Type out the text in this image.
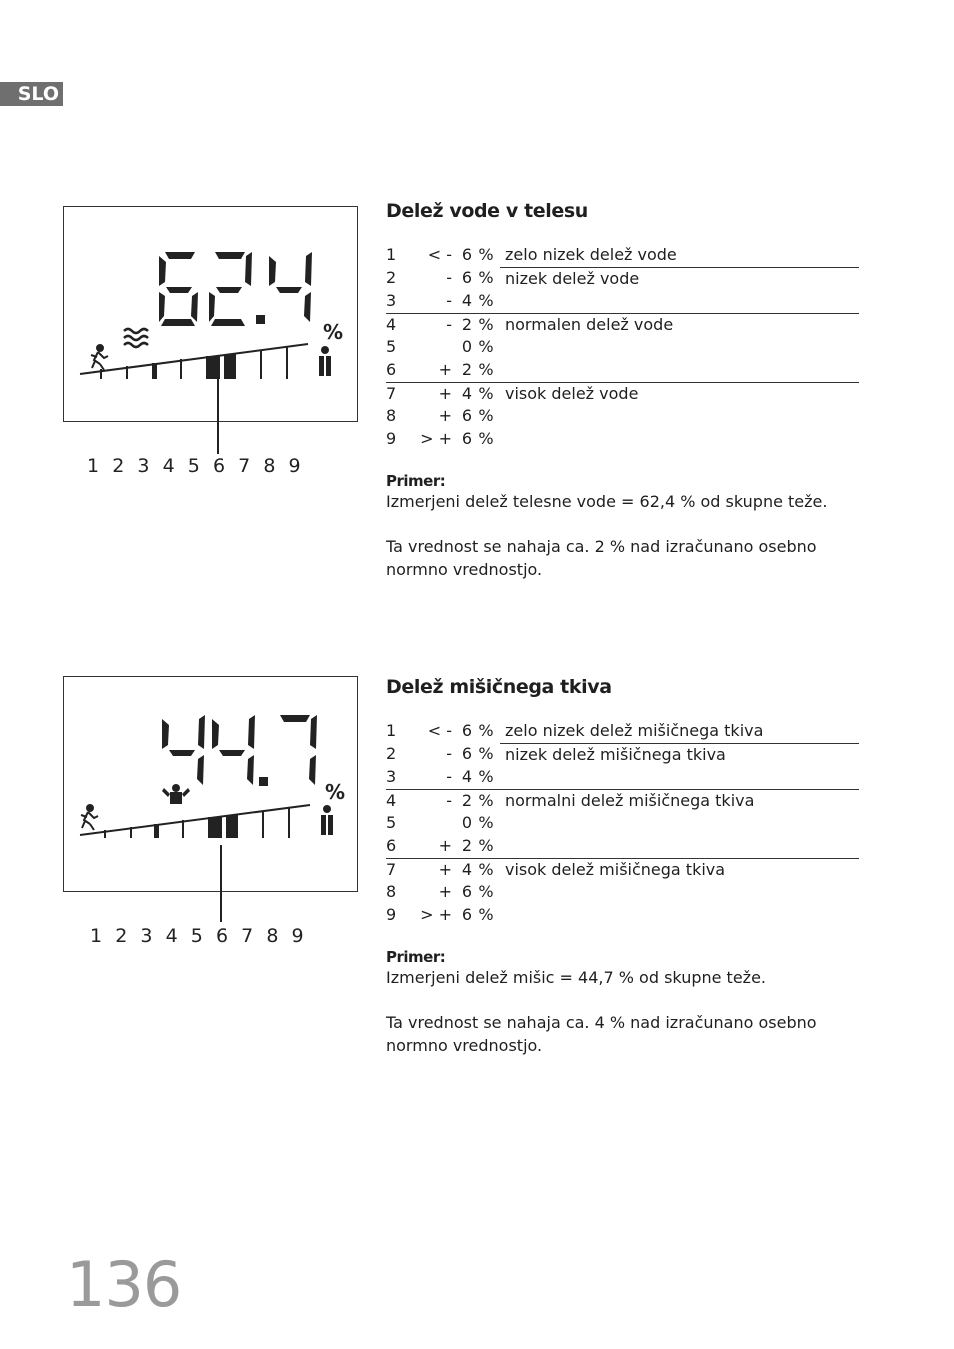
SLO
%
1 2 3 4 5 6 7 8 9
Delež vode v telesu
1	< -	6	%	zelo nizek delež vode
2	-	6	%	nizek delež vode
3	-	4	%	
4	-	2	%	normalen delež vode
5		0	%	
6	+	2	%	
7	+	4	%	visok delež vode
8	+	6	%	
9	> +	6	%	
Primer:

Izmerjeni delež telesne vode = 62,4 % od skupne teže.

Ta vrednost se nahaja ca. 2 % nad izračunano osebno

normno vrednostjo.

%
1 2 3 4 5 6 7 8 9
Delež mišičnega tkiva
1	< -	6	%	zelo nizek delež mišičnega tkiva
2	-	6	%	nizek delež mišičnega tkiva
3	-	4	%	
4	-	2	%	normalni delež mišičnega tkiva
5		0	%	
6	+	2	%	
7	+	4	%	visok delež mišičnega tkiva
8	+	6	%	
9	> +	6	%	
Primer:

Izmerjeni delež mišic = 44,7 % od skupne teže.

Ta vrednost se nahaja ca. 4 % nad izračunano osebno

normno vrednostjo.

136
